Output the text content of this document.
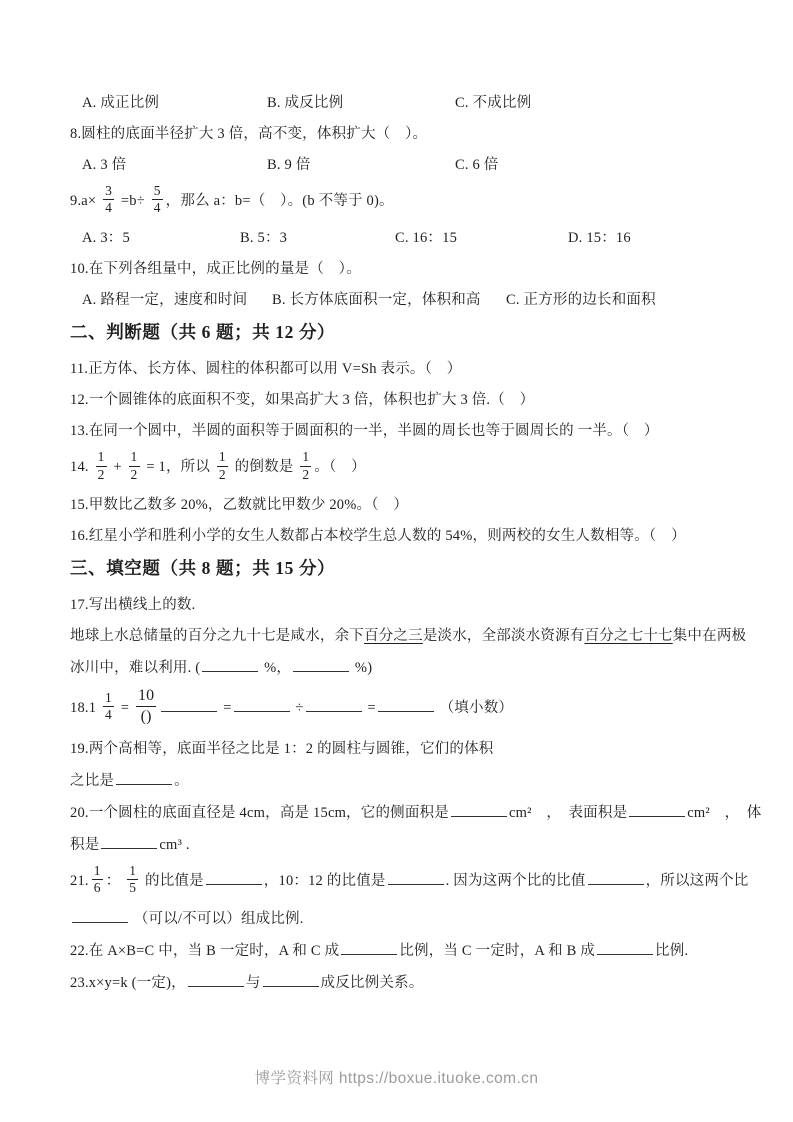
A. 成正比例	B. 成反比例	C. 不成比例
8.圆柱的底面半径扩大 3 倍，高不变，体积扩大（　）。
A. 3 倍	B. 9 倍	C. 6 倍
$9.a\times \frac{3}{4} =b\div \frac{5}{4}$ ，那么 a：b=（　）。(b 不等于 0)。
A. 3：5	B. 5：3	C. 16：15	D. 15：16
10.在下列各组量中，成正比例的量是（　）。
A. 路程一定，速度和时间	B. 长方体底面积一定，体积和高	C. 正方形的边长和面积
二、判断题（共 6 题；共 12 分）
11.正方体、长方体、圆柱的体积都可以用 V=Sh 表示。（　）
12.一个圆锥体的底面积不变，如果高扩大 3 倍，体积也扩大 3 倍.（　）
13.在同一个圆中，半圆的面积等于圆面积的一半，半圆的周长也等于圆周长的 一半。（　）
14. $\frac{1}{2} + \frac{1}{2} = 1$，所以 $\frac{1}{2}$ 的倒数是 $\frac{1}{2}$ 。（　）
15.甲数比乙数多 20%，乙数就比甲数少 20%。（　）
16.红星小学和胜利小学的女生人数都占本校学生总人数的 54%，则两校的女生人数相等。（　）
三、填空题（共 8 题；共 15 分）
17.写出横线上的数.
地球上水总储量的百分之九十七是咸水，余下百分之三是淡水，全部淡水资源有百分之七十七集中在两极
冰川中，难以利用. (	%，	%)
$18.1 \frac{1}{4} = \frac{10}{()}$	=	÷	=	（填小数）
19.两个高相等，底面半径之比是 1：2 的圆柱与圆锥，它们的体积
之比是	。
20.一个圆柱的底面直径是 4cm，高是 15cm，它的侧面积是	cm²　，　表面积是	cm²　，　体
积是	cm³ .
21. $\frac{1}{6}$ ： $\frac{1}{5}$ 的比值是	，10：12 的比值是	. 因为这两个比的比值	，所以这两个比
（可以/不可以）组成比例.
22.在 A×B=C 中，当 B 一定时，A 和 C 成	比例，当 C 一定时，A 和 B 成	比例.
23.x×y=k (一定)，	与	成反比例关系。
博学资料网 https://boxue.ituoke.com.cn
